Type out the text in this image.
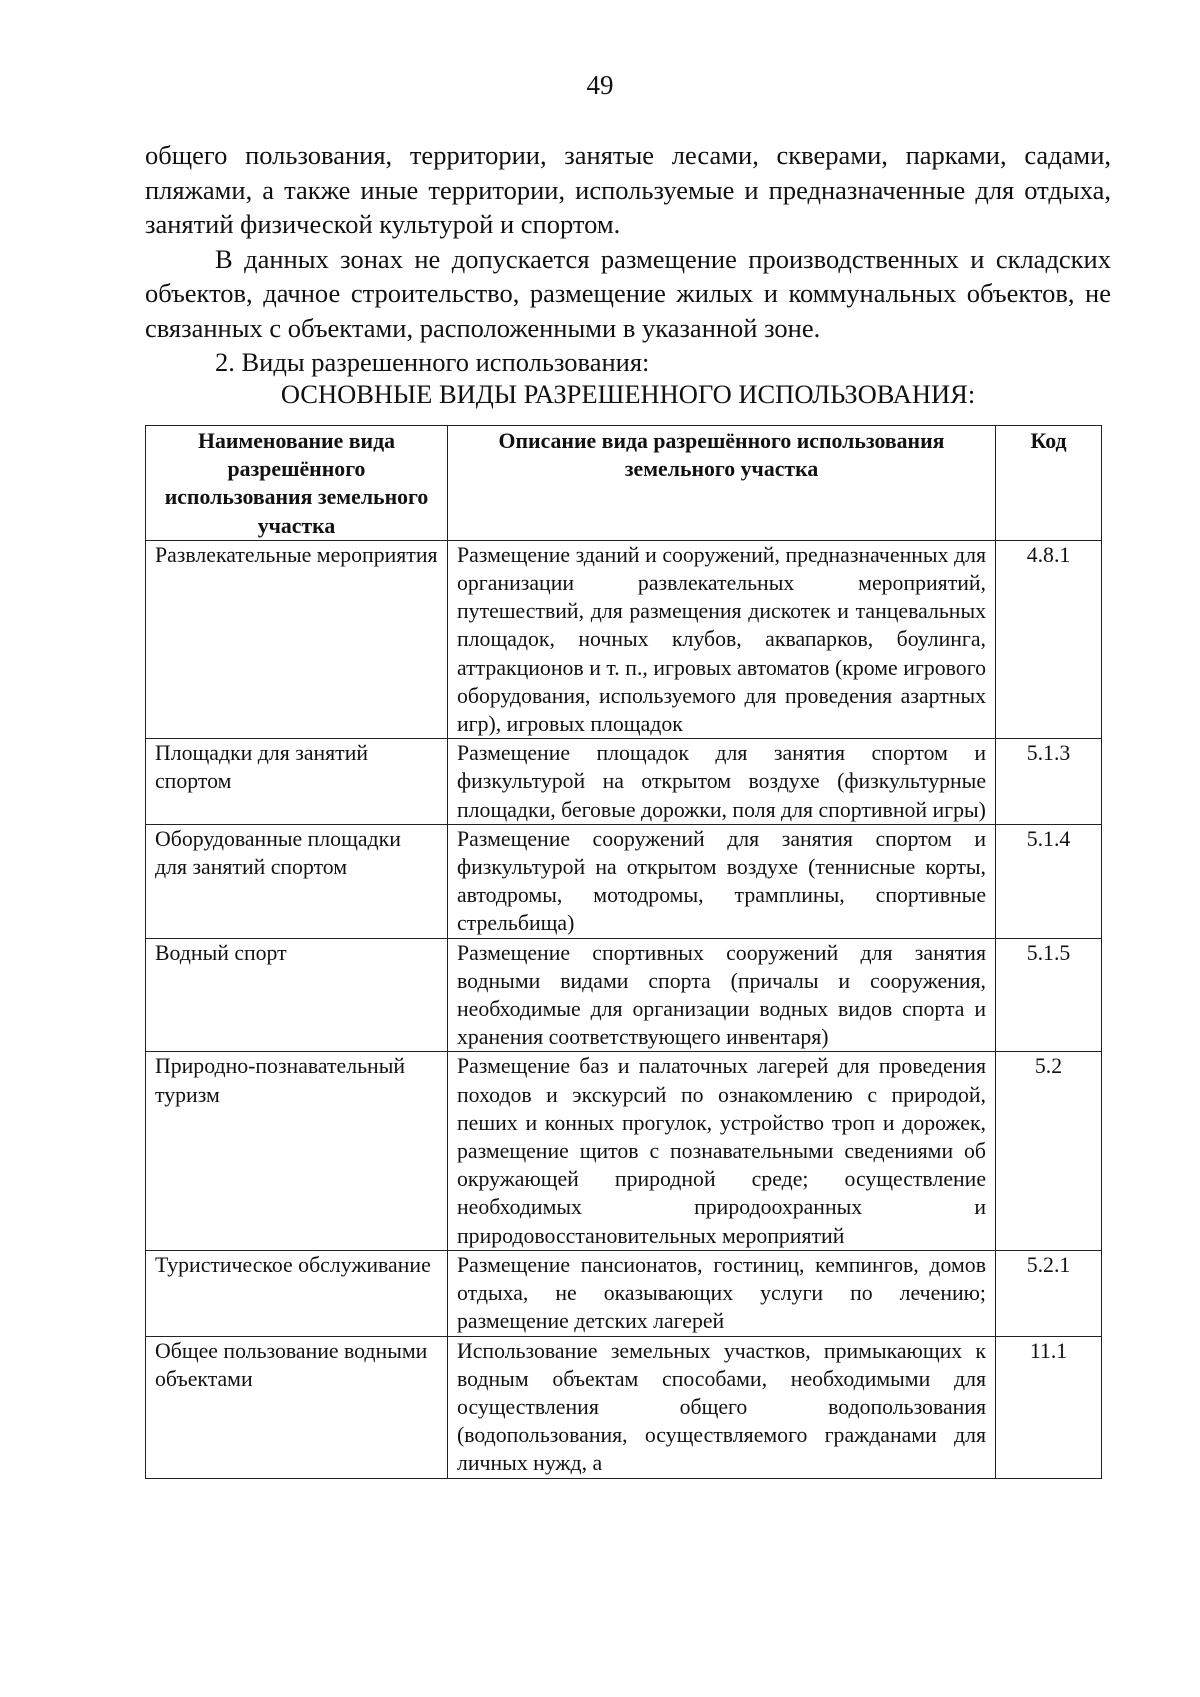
49

общего пользования, территории, занятые лесами, скверами, парками, садами, пляжами, а также иные территории, используемые и предназначенные для отдыха, занятий физической культурой и спортом.

В данных зонах не допускается размещение производственных и складских объектов, дачное строительство, размещение жилых и коммунальных объектов, не связанных с объектами, расположенными в указанной зоне.

2. Виды разрешенного использования:

ОСНОВНЫЕ ВИДЫ РАЗРЕШЕННОГО ИСПОЛЬЗОВАНИЯ:
Наименование вида разрешённого использования земельного участка	Описание вида разрешённого использования земельного участка	Код
Развлекательные мероприятия	Размещение зданий и сооружений, предназначенных для организации развлекательных мероприятий, путешествий, для размещения дискотек и танцевальных площадок, ночных клубов, аквапарков, боулинга, аттракционов и т. п., игровых автоматов (кроме игрового оборудования, используемого для проведения азартных игр), игровых площадок	4.8.1
Площадки для занятий спортом	Размещение площадок для занятия спортом и физкультурой на открытом воздухе (физкультурные площадки, беговые дорожки, поля для спортивной игры)	5.1.3
Оборудованные площадки для занятий спортом	Размещение сооружений для занятия спортом и физкультурой на открытом воздухе (теннисные корты, автодромы, мотодромы, трамплины, спортивные стрельбища)	5.1.4
Водный спорт	Размещение спортивных сооружений для занятия водными видами спорта (причалы и сооружения, необходимые для организации водных видов спорта и хранения соответствующего инвентаря)	5.1.5
Природно-познавательный туризм	Размещение баз и палаточных лагерей для проведения походов и экскурсий по ознакомлению с природой, пеших и конных прогулок, устройство троп и дорожек, размещение щитов с познавательными сведениями об окружающей природной среде; осуществление необходимых природоохранных и природовосстановительных мероприятий	5.2
Туристическое обслуживание	Размещение пансионатов, гостиниц, кемпингов, домов отдыха, не оказывающих услуги по лечению; размещение детских лагерей	5.2.1
Общее пользование водными объектами	Использование земельных участков, примыкающих к водным объектам способами, необходимыми для осуществления общего водопользования (водопользования, осуществляемого гражданами для личных нужд, а	11.1
